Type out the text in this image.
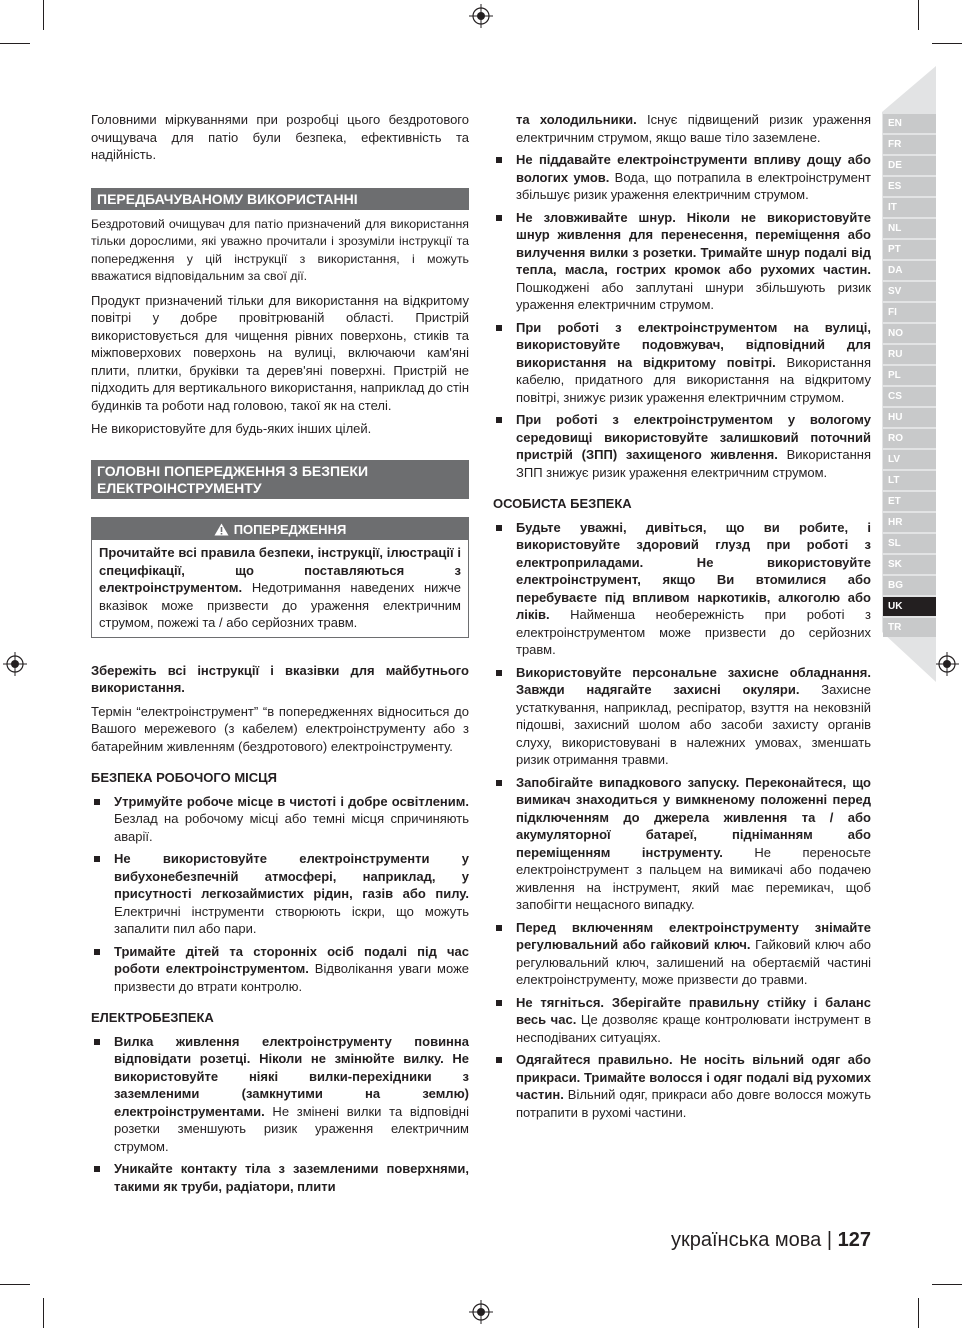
EN
FR
DE
ES
IT
NL
PT
DA
SV
FI
NO
RU
PL
CS
HU
RO
LV
LT
ET
HR
SL
SK
BG
UK
TR

Головними міркуваннями при розробці цього бездротового очищувача для патіо були безпека, ефективність та надійність.

ПЕРЕДБАЧУВАНОМУ ВИКОРИСТАННІ

Бездротовий очищувач для патіо призначений для використання тільки дорослими, які уважно прочитали і зрозуміли інструкції та попередження у цій інструкції з використання, і можуть вважатися відповідальним за свої дії.

Продукт призначений тільки для використання на відкритому повітрі у добре провітрюваній області. Пристрій використовується для чищення рівних поверхонь, стиків та міжповерхових поверхонь на вулиці, включаючи кам'яні плити, плитки, бруківки та дерев'яні поверхні. Пристрій не підходить для вертикального використання, наприклад до стін будинків та роботи над головою, такої як на стелі.

Не використовуйте для будь-яких інших цілей.

ГОЛОВНІ ПОПЕРЕДЖЕННЯ З БЕЗПЕКИ
ЕЛЕКТРОІНСТРУМЕНТУ
ПОПЕРЕДЖЕННЯ

Прочитайте всі правила безпеки, інструкції, ілюстрації і специфікації, що поставляються з електроінструментом. Недотримання наведених нижче вказівок може призвести до ураження електричним струмом, пожежі та / або серйозних травм.

Збережіть всі інструкції і вказівки для майбутнього використання.

Термін “електроінструмент” “в попередженнях відноситься до Вашого мережевого (з кабелем) електроінструменту або з батарейним живленням (бездротового) електроінструменту.

БЕЗПЕКА РОБОЧОГО МІСЦЯ
Утримуйте робоче місце в чистоті і добре освітленим. Безлад на робочому місці або темні місця спричиняють аварії.
Не використовуйте електроінструменти у вибухонебезпечній атмосфері, наприклад, у присутності легкозаймистих рідин, газів або пилу. Електричні інструменти створюють іскри, що можуть запалити пил або пари.
Тримайте дітей та сторонніх осіб подалі під час роботи електроінструментом. Відволікання уваги може призвести до втрати контролю.
ЕЛЕКТРОБЕЗПЕКА
Вилка живлення електроінструменту повинна відповідати розетці. Ніколи не змінюйте вилку. Не використовуйте ніякі вилки-перехідники з заземленими (замкнутими на землю) електроінструментами. Не змінені вилки та відповідні розетки зменшують ризик ураження електричним струмом.
Уникайте контакту тіла з заземленими поверхнями, такими як труби, радіатори, плити
та холодильники. Існує підвищений ризик ураження електричним струмом, якщо ваше тіло заземлене.
Не піддавайте електроінструменти впливу дощу або вологих умов. Вода, що потрапила в електроінструмент збільшує ризик ураження електричним струмом.
Не зловживайте шнур. Ніколи не використовуйте шнур живлення для перенесення, переміщення або вилучення вилки з розетки. Тримайте шнур подалі від тепла, масла, гострих кромок або рухомих частин. Пошкоджені або заплутані шнури збільшують ризик ураження електричним струмом.
При роботі з електроінструментом на вулиці, використовуйте подовжувач, відповідний для використання на відкритому повітрі. Використання кабелю, придатного для використання на відкритому повітрі, знижує ризик ураження електричним струмом.
При роботі з електроінструментом у вологому середовищі використовуйте залишковий поточний пристрій (ЗПП) захищеного живлення. Використання ЗПП знижує ризик ураження електричним струмом.
ОСОБИСТА БЕЗПЕКА
Будьте уважні, дивіться, що ви робите, і використовуйте здоровий глузд при роботі з електроприладами. Не використовуйте електроінструмент, якщо Ви втомилися або перебуваєте під впливом наркотиків, алкоголю або ліків. Найменша необережність при роботі з електроінструментом може призвести до серйозних травм.
Використовуйте персональне захисне обладнання. Завжди надягайте захисні окуляри. Захисне устаткування, наприклад, респіратор, взуття на нековзній підошві, захисний шолом або засоби захисту органів слуху, використовувані в належних умовах, зменшать ризик отримання травми.
Запобігайте випадкового запуску. Переконайтеся, що вимикач знаходиться у вимкненому положенні перед підключенням до джерела живлення та / або акумуляторної батареї, підніманням або переміщенням інструменту. Не переносьте електроінструмент з пальцем на вимикачі або подачею живлення на інструмент, який має перемикач, щоб запобігти нещасного випадку.
Перед включенням електроінструменту знімайте регулювальний або гайковий ключ. Гайковий ключ або регулювальний ключ, залишений на обертаємій частині електроінструменту, може призвести до травми.
Не тягніться. Зберігайте правильну стійку і баланс весь час. Це дозволяє краще контролювати інструмент в несподіваних ситуаціях.
Одягайтеся правильно. Не носіть вільний одяг або прикраси. Тримайте волосся і одяг подалі від рухомих частин. Вільний одяг, прикраси або довге волосся можуть потрапити в рухомі частини.
українська мова | 127
